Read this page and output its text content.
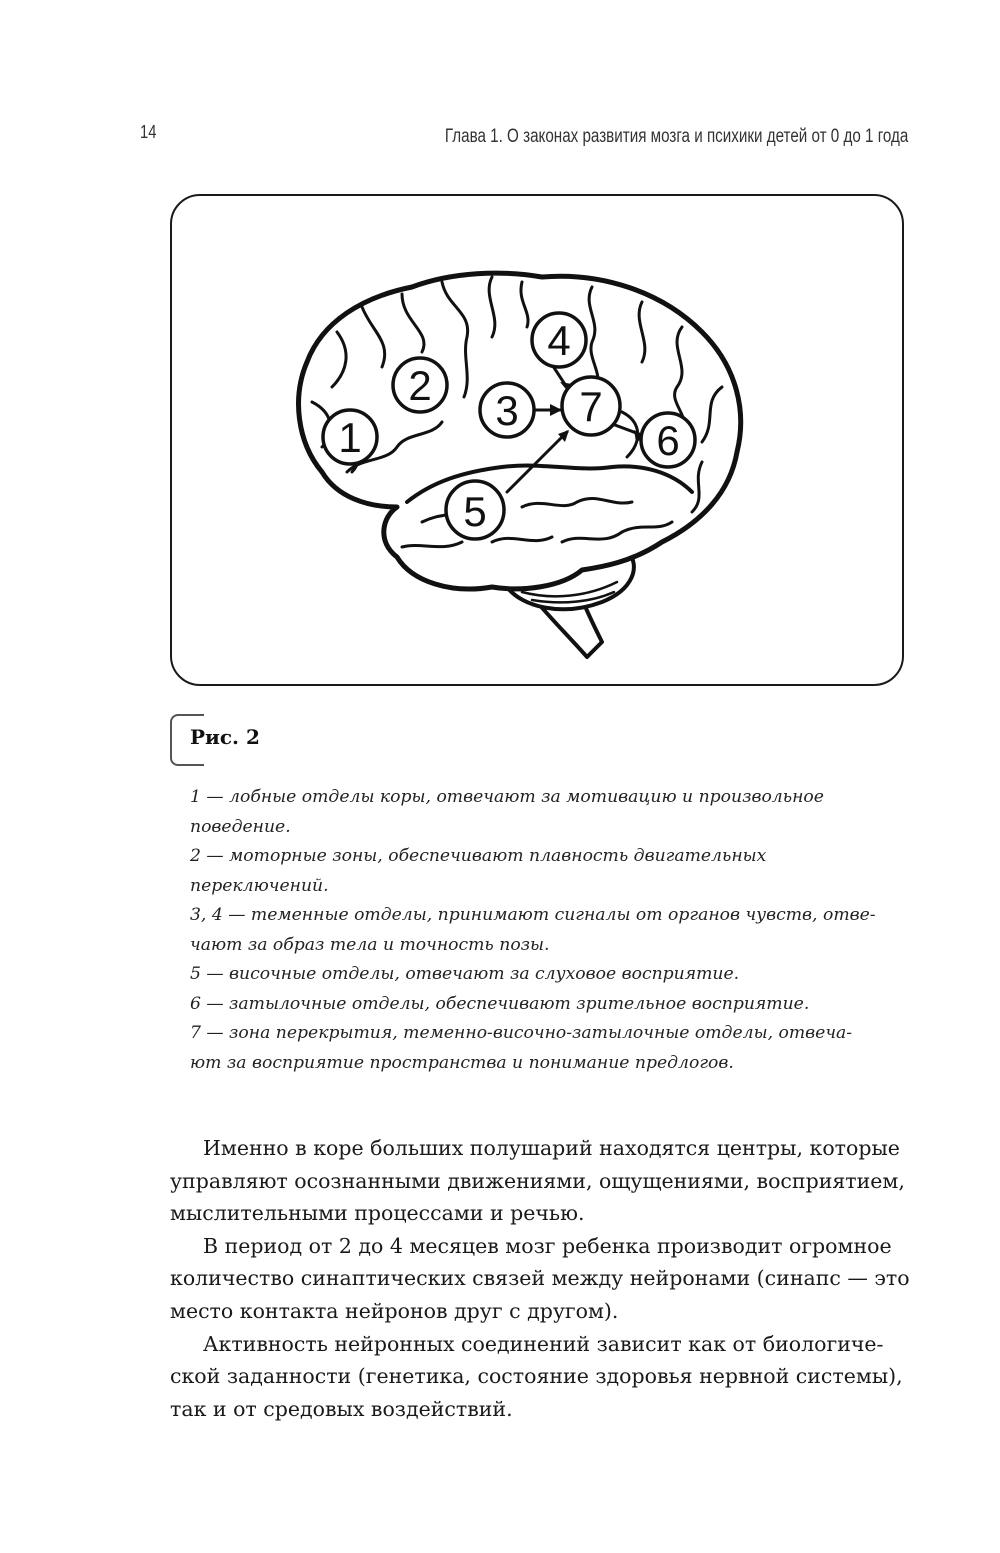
14	Глава 1. О законах развития мозга и психики детей от 0 до 1 года
1
2
3
4
5
6
7
Рис. 2
1 — лобные отделы коры, отвечают за мотивацию и произвольное
поведение.
2 — моторные зоны, обеспечивают плавность двигательных
переключений.
3, 4 — теменные отделы, принимают сигналы от органов чувств, отве-
чают за образ тела и точность позы.
5 — височные отделы, отвечают за слуховое восприятие.
6 — затылочные отделы, обеспечивают зрительное восприятие.
7 — зона перекрытия, теменно-височно-затылочные отделы, отвеча-
ют за восприятие пространства и понимание предлогов.

Именно в коре больших полушарий находятся центры, которые
управляют осознанными движениями, ощущениями, восприятием,
мыслительными процессами и речью.

В период от 2 до 4 месяцев мозг ребенка производит огромное
количество синаптических связей между нейронами (синапс — это
место контакта нейронов друг с другом).

Активность нейронных соединений зависит как от биологиче-
ской заданности (генетика, состояние здоровья нервной системы),
так и от средовых воздействий.
